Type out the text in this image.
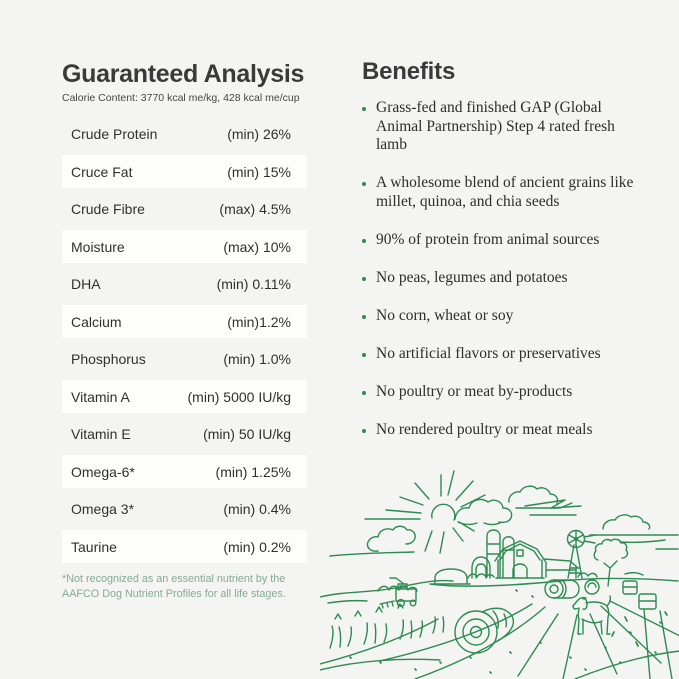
Guaranteed Analysis
Calorie Content: 3770 kcal me/kg, 428 kcal me/cup
Crude Protein	(min) 26%
Cruce Fat	(min) 15%
Crude Fibre	(max) 4.5%
Moisture	(max) 10%
DHA	(min) 0.11%
Calcium	(min)1.2%
Phosphorus	(min) 1.0%
Vitamin A	(min) 5000 IU/kg
Vitamin E	(min) 50 IU/kg
Omega-6*	(min) 1.25%
Omega 3*	(min) 0.4%
Taurine	(min) 0.2%

*Not recognized as an essential nutrient by the AAFCO Dog Nutrient Profiles for all life stages.

Benefits
Grass-fed and finished GAP (Global Animal Partnership) Step 4 rated fresh lamb
A wholesome blend of ancient grains like millet, quinoa, and chia seeds
90% of protein from animal sources
No peas, legumes and potatoes
No corn, wheat or soy
No artificial flavors or preservatives
No poultry or meat by-products
No rendered poultry or meat meals
